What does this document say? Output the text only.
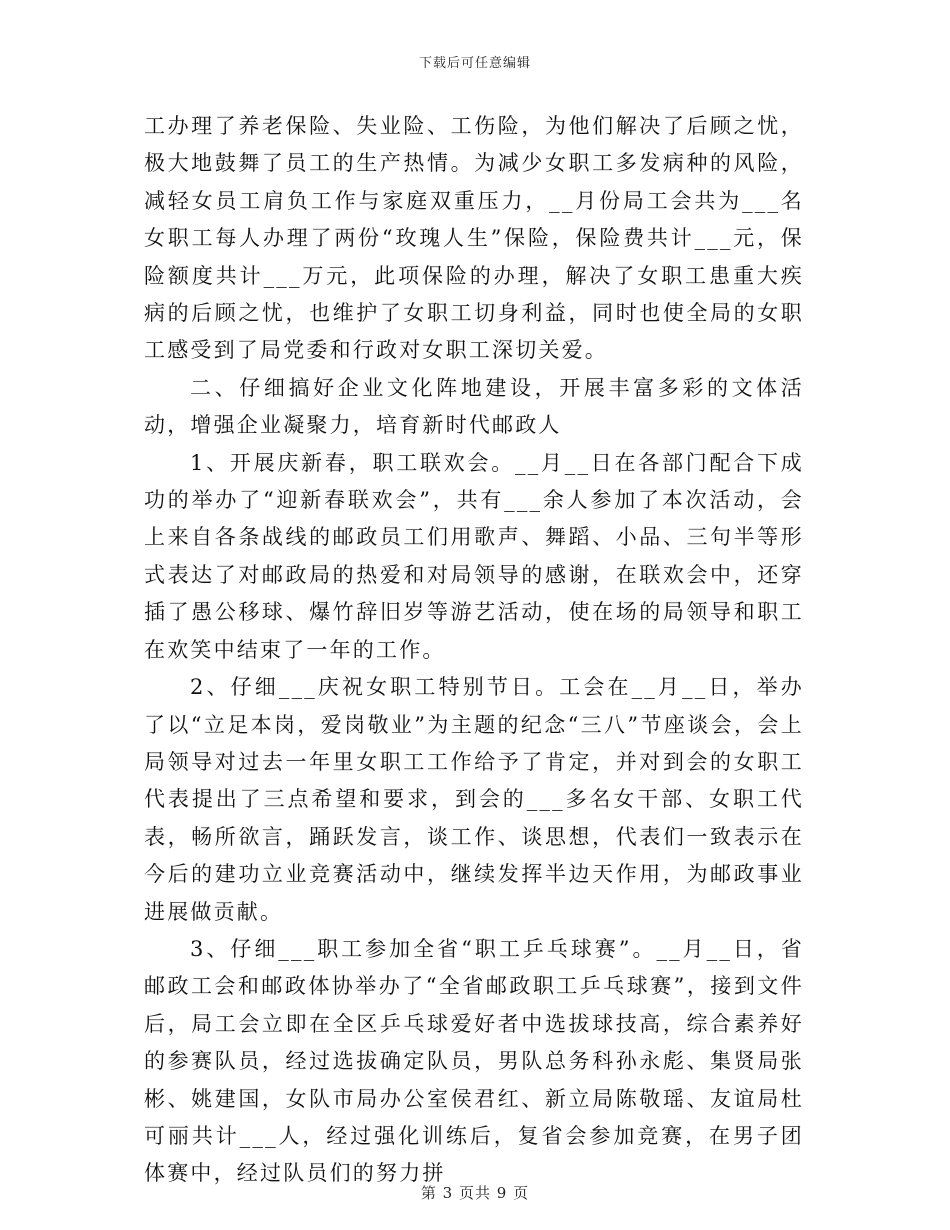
下载后可任意编辑

工办理了养老保险、失业险、工伤险，为他们解决了后顾之忧，极大地鼓舞了员工的生产热情。为减少女职工多发病种的风险，减轻女员工肩负工作与家庭双重压力，__月份局工会共为___名女职工每人办理了两份“玫瑰人生”保险，保险费共计___元，保险额度共计___万元，此项保险的办理，解决了女职工患重大疾病的后顾之忧，也维护了女职工切身利益，同时也使全局的女职工感受到了局党委和行政对女职工深切关爱。

二、仔细搞好企业文化阵地建设，开展丰富多彩的文体活动，增强企业凝聚力，培育新时代邮政人

1、开展庆新春，职工联欢会。__月__日在各部门配合下成功的举办了“迎新春联欢会”，共有___余人参加了本次活动，会上来自各条战线的邮政员工们用歌声、舞蹈、小品、三句半等形式表达了对邮政局的热爱和对局领导的感谢，在联欢会中，还穿插了愚公移球、爆竹辞旧岁等游艺活动，使在场的局领导和职工在欢笑中结束了一年的工作。

2、仔细___庆祝女职工特别节日。工会在__月__日，举办了以“立足本岗，爱岗敬业”为主题的纪念“三八”节座谈会，会上局领导对过去一年里女职工工作给予了肯定，并对到会的女职工代表提出了三点希望和要求，到会的___多名女干部、女职工代表，畅所欲言，踊跃发言，谈工作、谈思想，代表们一致表示在今后的建功立业竞赛活动中，继续发挥半边天作用，为邮政事业进展做贡献。

3、仔细___职工参加全省“职工乒乓球赛”。__月__日，省邮政工会和邮政体协举办了“全省邮政职工乒乓球赛”，接到文件后，局工会立即在全区乒乓球爱好者中选拔球技高，综合素养好的参赛队员，经过选拔确定队员，男队总务科孙永彪、集贤局张彬、姚建国，女队市局办公室侯君红、新立局陈敬瑶、友谊局杜可丽共计___人，经过强化训练后，复省会参加竞赛，在男子团体赛中，经过队员们的努力拼

第 3 页共 9 页
